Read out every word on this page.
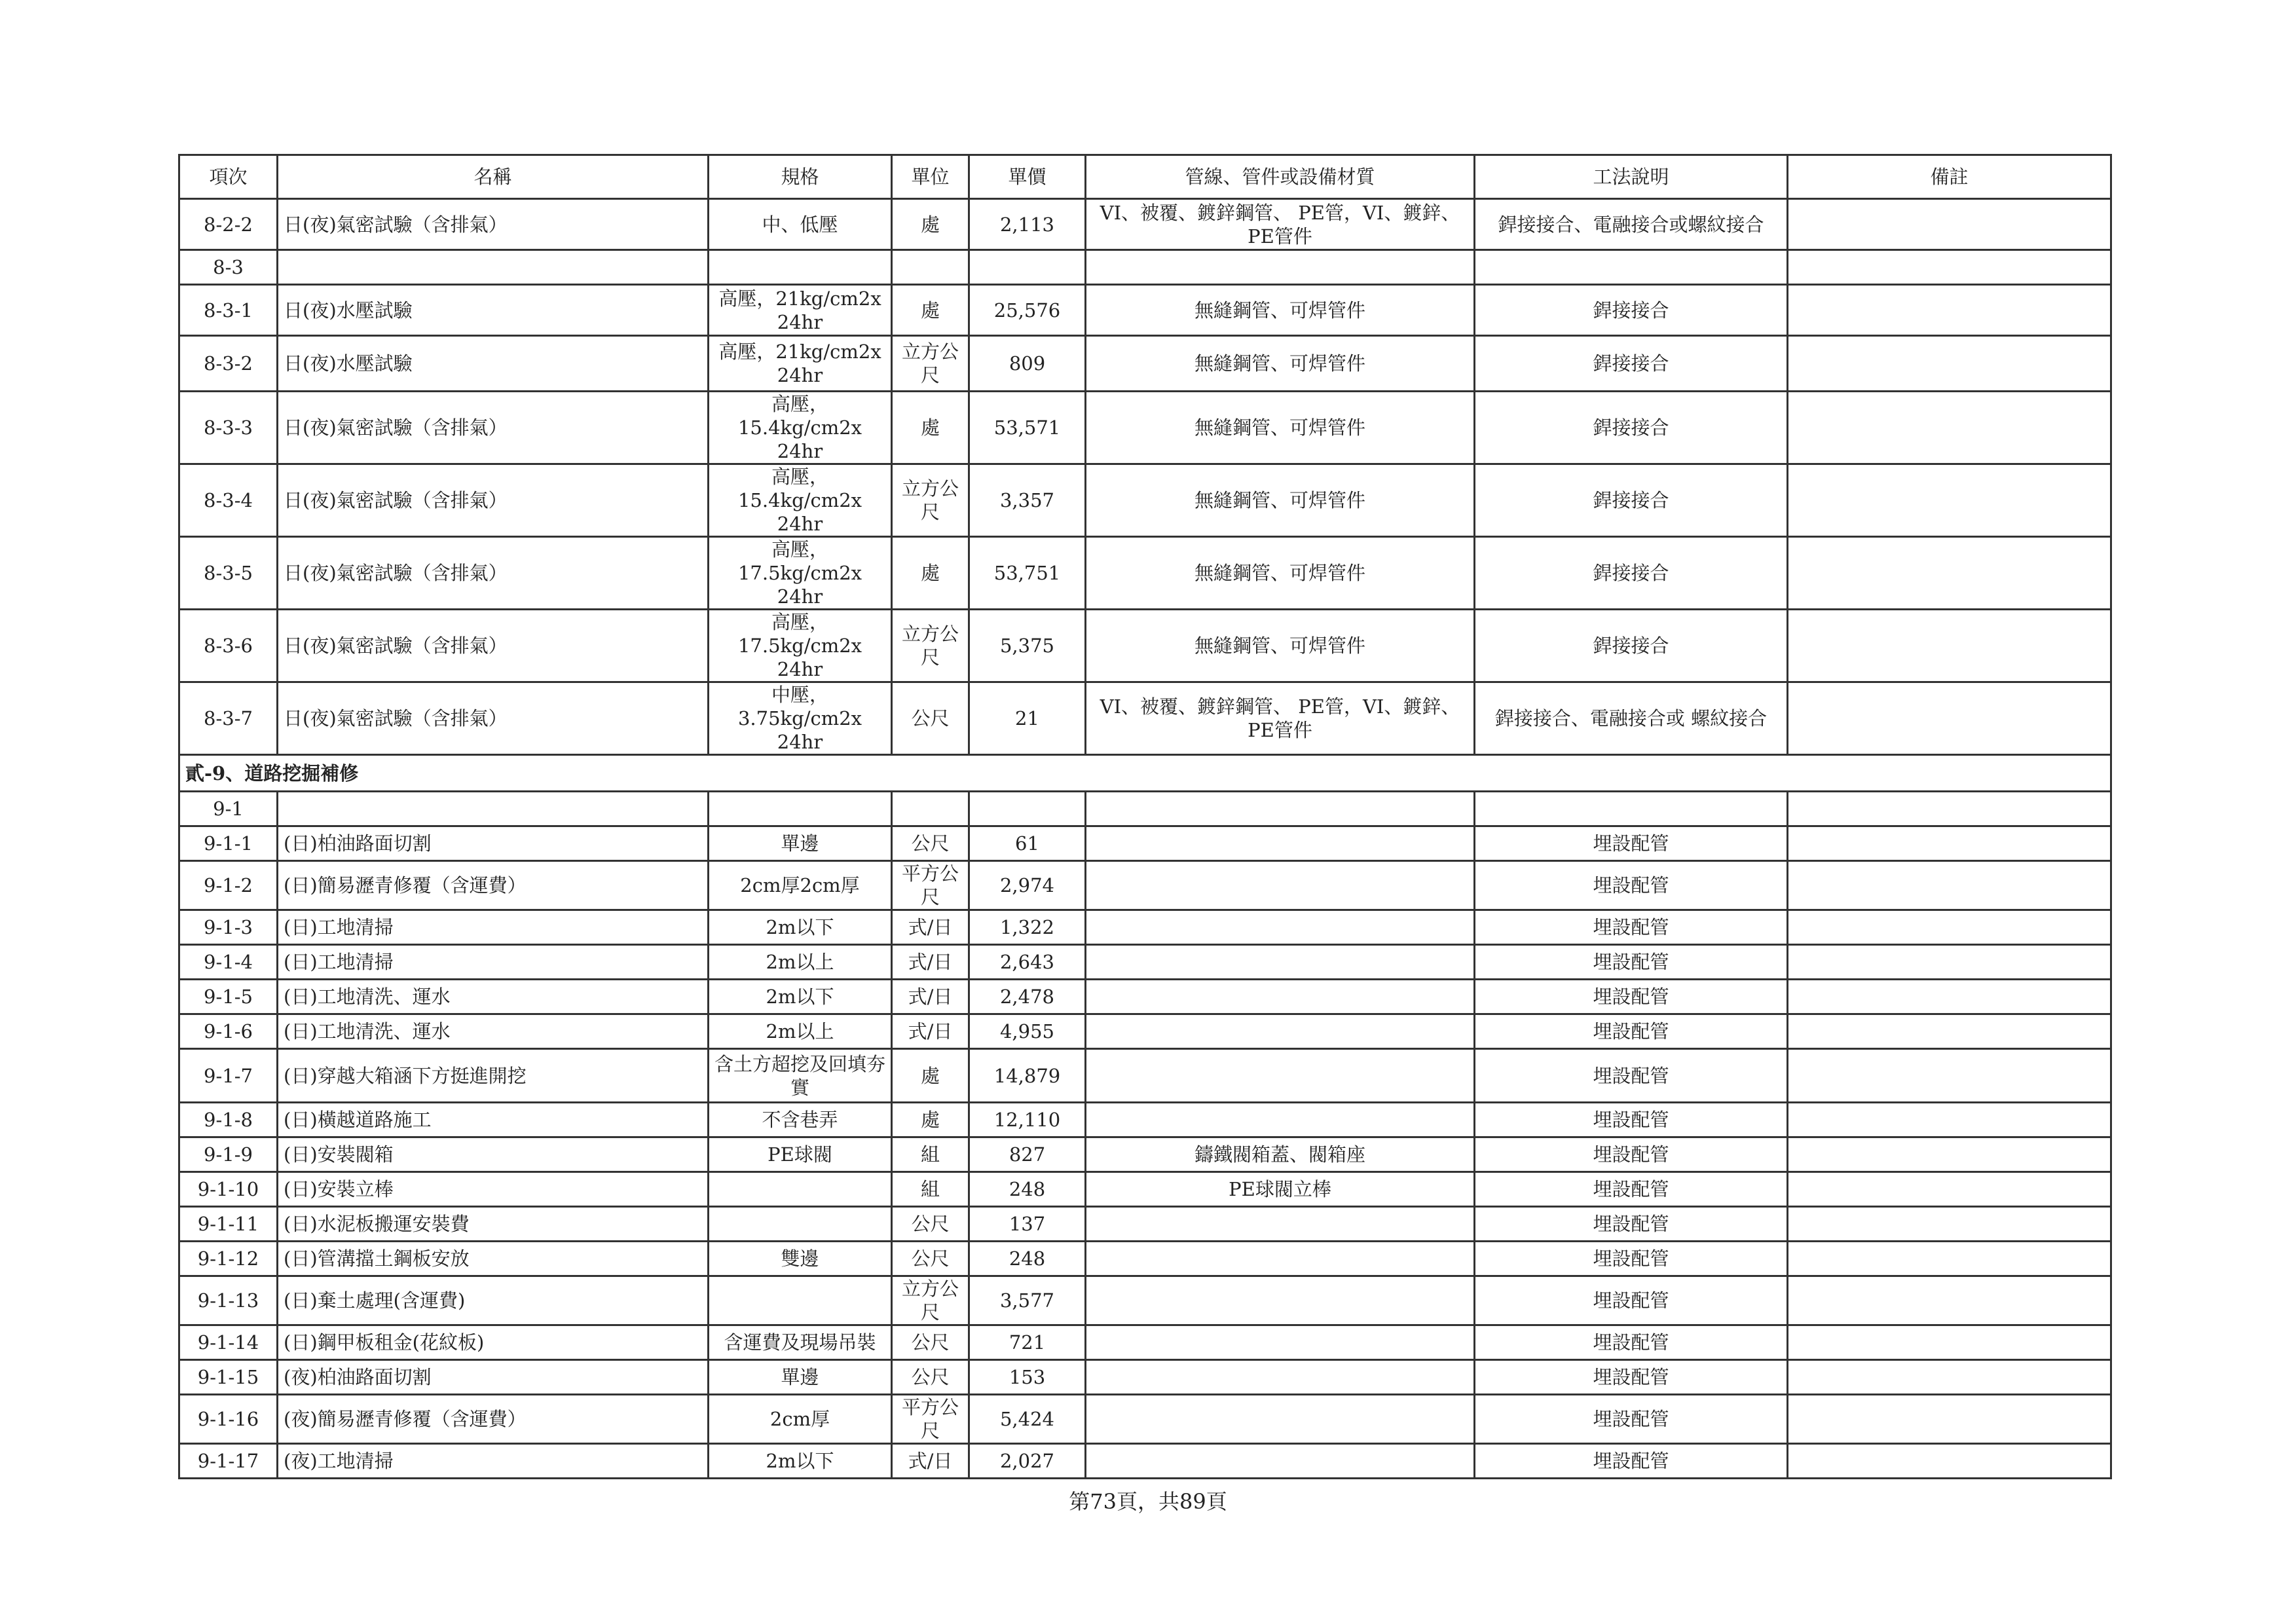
項次	名稱	規格	單位	單價	管線、管件或設備材質	工法說明	備註
8-2-2	日(夜)氣密試驗（含排氣）	中、低壓	處	2,113	VI、被覆、鍍鋅鋼管、 PE管，VI、鍍鋅、PE管件	銲接接合、電融接合或螺紋接合	
8-3							
8-3-1	日(夜)水壓試驗	高壓，21kg/cm2x 24hr	處	25,576	無縫鋼管、可焊管件	銲接接合	
8-3-2	日(夜)水壓試驗	高壓，21kg/cm2x 24hr	立方公尺	809	無縫鋼管、可焊管件	銲接接合	
8-3-3	日(夜)氣密試驗（含排氣）	高壓，15.4kg/cm2x 24hr	處	53,571	無縫鋼管、可焊管件	銲接接合	
8-3-4	日(夜)氣密試驗（含排氣）	高壓，15.4kg/cm2x 24hr	立方公尺	3,357	無縫鋼管、可焊管件	銲接接合	
8-3-5	日(夜)氣密試驗（含排氣）	高壓，17.5kg/cm2x 24hr	處	53,751	無縫鋼管、可焊管件	銲接接合	
8-3-6	日(夜)氣密試驗（含排氣）	高壓，17.5kg/cm2x 24hr	立方公尺	5,375	無縫鋼管、可焊管件	銲接接合	
8-3-7	日(夜)氣密試驗（含排氣）	中壓，3.75kg/cm2x 24hr	公尺	21	VI、被覆、鍍鋅鋼管、 PE管，VI、鍍鋅、PE管件	銲接接合、電融接合或 螺紋接合	
貳-9、道路挖掘補修							
9-1							
9-1-1	(日)柏油路面切割	單邊	公尺	61		埋設配管	
9-1-2	(日)簡易瀝青修覆（含運費）	2cm厚2cm厚	平方公尺	2,974		埋設配管	
9-1-3	(日)工地清掃	2m以下	式/日	1,322		埋設配管	
9-1-4	(日)工地清掃	2m以上	式/日	2,643		埋設配管	
9-1-5	(日)工地清洗、運水	2m以下	式/日	2,478		埋設配管	
9-1-6	(日)工地清洗、運水	2m以上	式/日	4,955		埋設配管	
9-1-7	(日)穿越大箱涵下方挺進開挖	含土方超挖及回填夯實	處	14,879		埋設配管	
9-1-8	(日)橫越道路施工	不含巷弄	處	12,110		埋設配管	
9-1-9	(日)安裝閥箱	PE球閥	組	827	鑄鐵閥箱蓋、閥箱座	埋設配管	
9-1-10	(日)安裝立棒		組	248	PE球閥立棒	埋設配管	
9-1-11	(日)水泥板搬運安裝費		公尺	137		埋設配管	
9-1-12	(日)管溝擋土鋼板安放	雙邊	公尺	248		埋設配管	
9-1-13	(日)棄土處理(含運費)		立方公尺	3,577		埋設配管	
9-1-14	(日)鋼甲板租金(花紋板)	含運費及現場吊裝	公尺	721		埋設配管	
9-1-15	(夜)柏油路面切割	單邊	公尺	153		埋設配管	
9-1-16	(夜)簡易瀝青修覆（含運費）	2cm厚	平方公尺	5,424		埋設配管	
9-1-17	(夜)工地清掃	2m以下	式/日	2,027		埋設配管	
第73頁，共89頁
